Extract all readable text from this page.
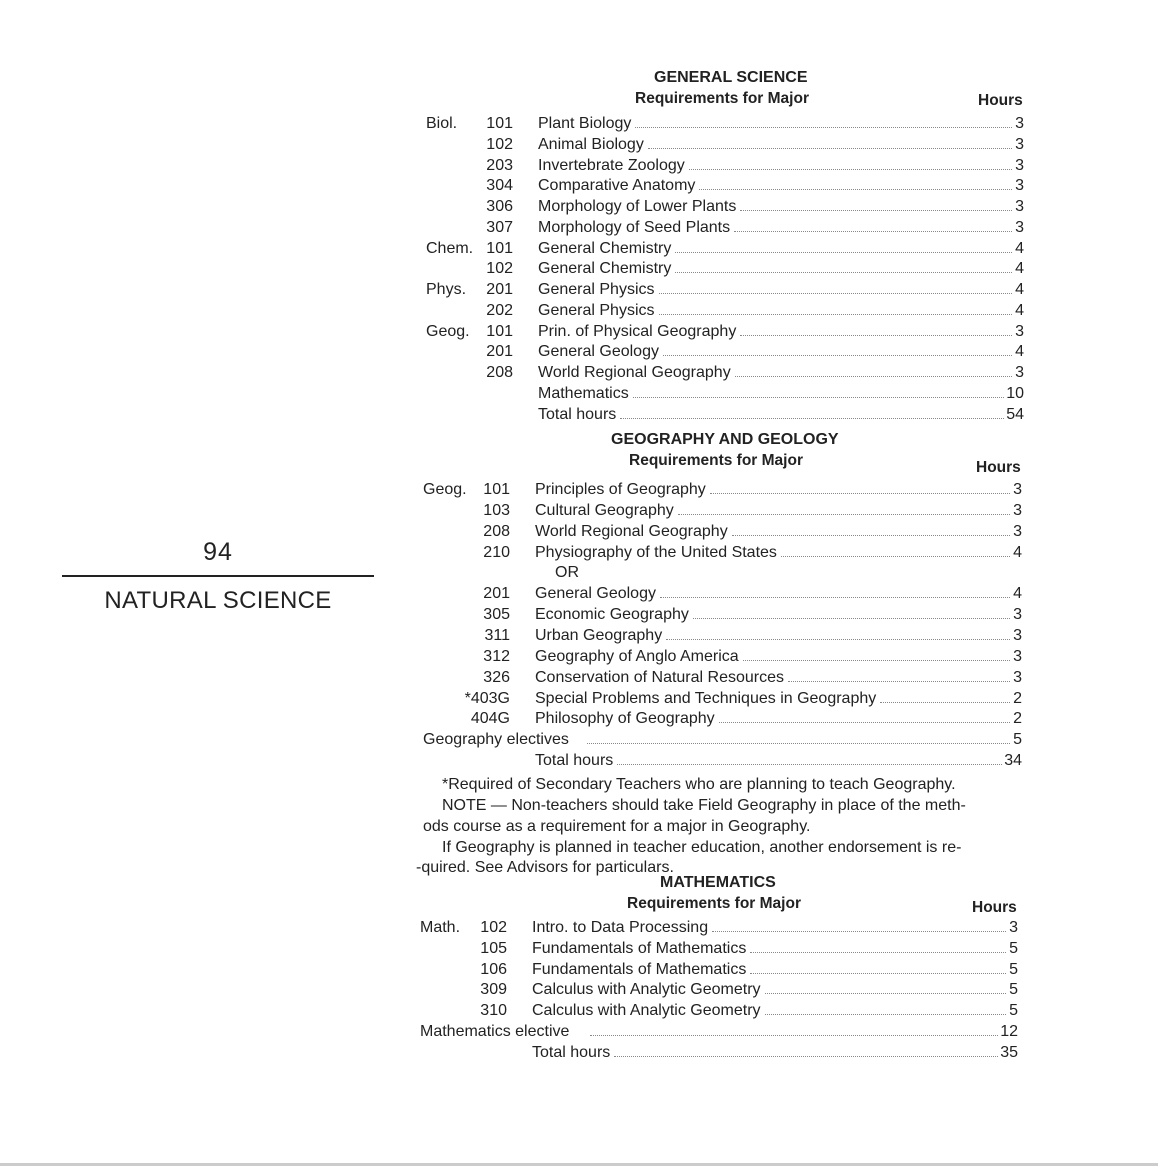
94
NATURAL SCIENCE
GENERAL SCIENCE
Requirements for Major	Hours
Biol.	101 Plant Biology	3
102 Animal Biology	3
203 Invertebrate Zoology	3
304 Comparative Anatomy	3
306 Morphology of Lower Plants	3
307 Morphology of Seed Plants	3
Chem. 101 General Chemistry	4
102 General Chemistry	4
Phys.	201 General Physics	4
202 General Physics	4
Geog.	101 Prin. of Physical Geography	3
201 General Geology	4
208 World Regional Geography	3
Mathematics	10
Total hours	54
GEOGRAPHY AND GEOLOGY
Requirements for Major	Hours
Geog.	101 Principles of Geography	3
103 Cultural Geography	3
208 World Regional Geography	3
210 Physiography of the United States	4
OR
201 General Geology	4
305 Economic Geography	3
311 Urban Geography	3
312 Geography of Anglo America	3
326 Conservation of Natural Resources	3
*403G Special Problems and Techniques in Geography	2
404G Philosophy of Geography	2
Geography electives	5
Total hours	34
*Required of Secondary Teachers who are planning to teach Geography.
NOTE — Non-teachers should take Field Geography in place of the meth-
ods course as a requirement for a major in Geography.
If Geography is planned in teacher education, another endorsement is re-
-quired. See Advisors for particulars.
MATHEMATICS
Requirements for Major	Hours
Math.	102 Intro. to Data Processing	3
105 Fundamentals of Mathematics	5
106 Fundamentals of Mathematics	5
309 Calculus with Analytic Geometry	5
310 Calculus with Analytic Geometry	5
Mathematics elective	12
Total hours	35
